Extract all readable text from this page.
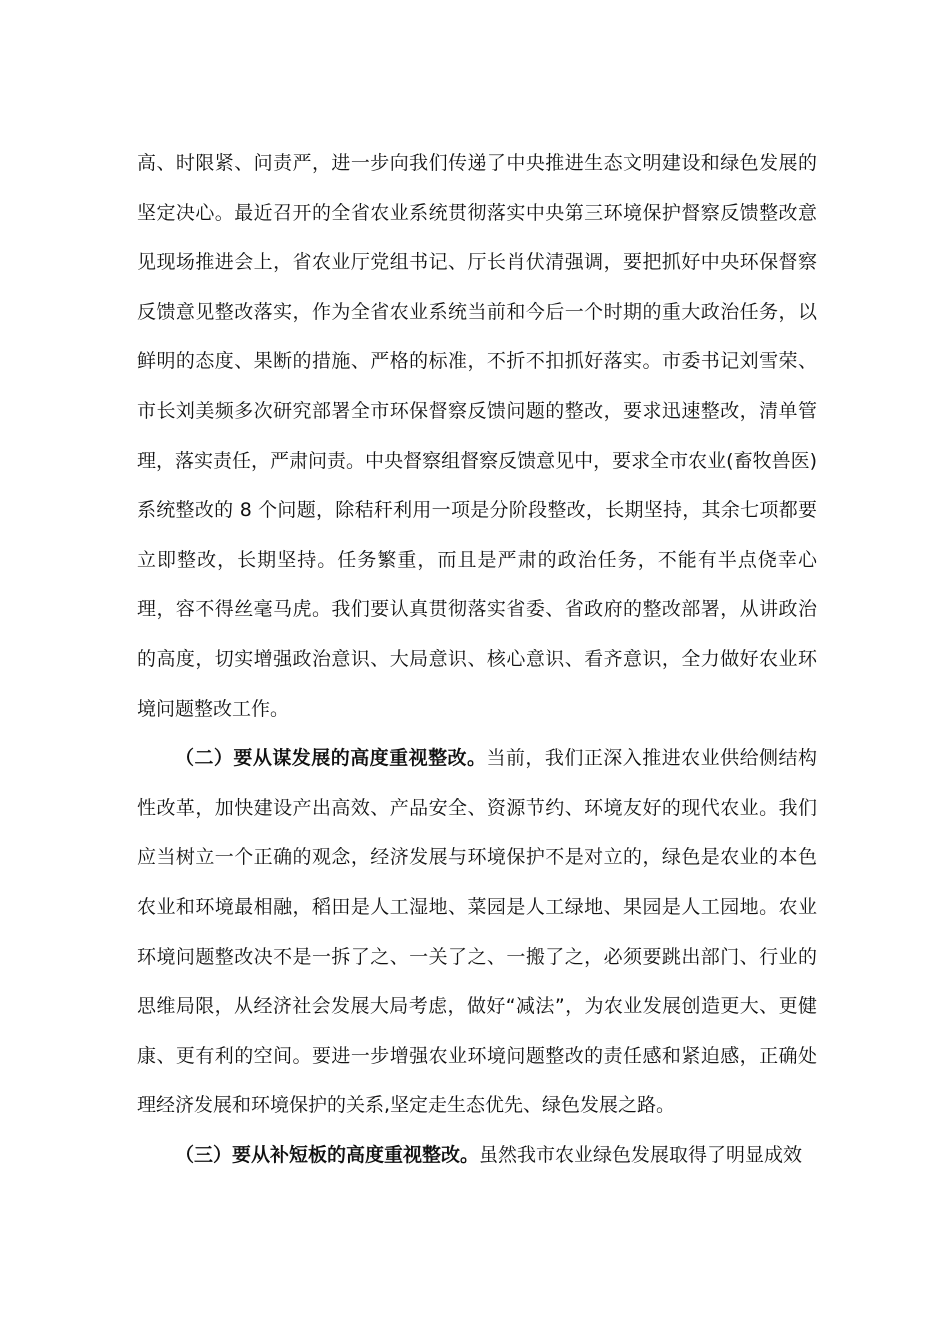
高、时限紧、问责严，进一步向我们传递了中央推进生态文明建设和绿色发展的坚定决心。最近召开的全省农业系统贯彻落实中央第三环境保护督察反馈整改意见现场推进会上，省农业厅党组书记、厅长肖伏清强调，要把抓好中央环保督察反馈意见整改落实，作为全省农业系统当前和今后一个时期的重大政治任务，以鲜明的态度、果断的措施、严格的标准，不折不扣抓好落实。市委书记刘雪荣、市长刘美频多次研究部署全市环保督察反馈问题的整改，要求迅速整改，清单管理，落实责任，严肃问责。中央督察组督察反馈意见中，要求全市农业(畜牧兽医)系统整改的 8 个问题，除秸秆利用一项是分阶段整改，长期坚持，其余七项都要立即整改，长期坚持。任务繁重，而且是严肃的政治任务，不能有半点侥幸心理，容不得丝毫马虎。我们要认真贯彻落实省委、省政府的整改部署，从讲政治的高度，切实增强政治意识、大局意识、核心意识、看齐意识，全力做好农业环境问题整改工作。

（二）要从谋发展的高度重视整改。当前，我们正深入推进农业供给侧结构性改革，加快建设产出高效、产品安全、资源节约、环境友好的现代农业。我们应当树立一个正确的观念，经济发展与环境保护不是对立的，绿色是农业的本色农业和环境最相融，稻田是人工湿地、菜园是人工绿地、果园是人工园地。农业环境问题整改决不是一拆了之、一关了之、一搬了之，必须要跳出部门、行业的思维局限，从经济社会发展大局考虑，做好“减法”，为农业发展创造更大、更健康、更有利的空间。要进一步增强农业环境问题整改的责任感和紧迫感，正确处理经济发展和环境保护的关系,坚定走生态优先、绿色发展之路。

（三）要从补短板的高度重视整改。虽然我市农业绿色发展取得了明显成效
